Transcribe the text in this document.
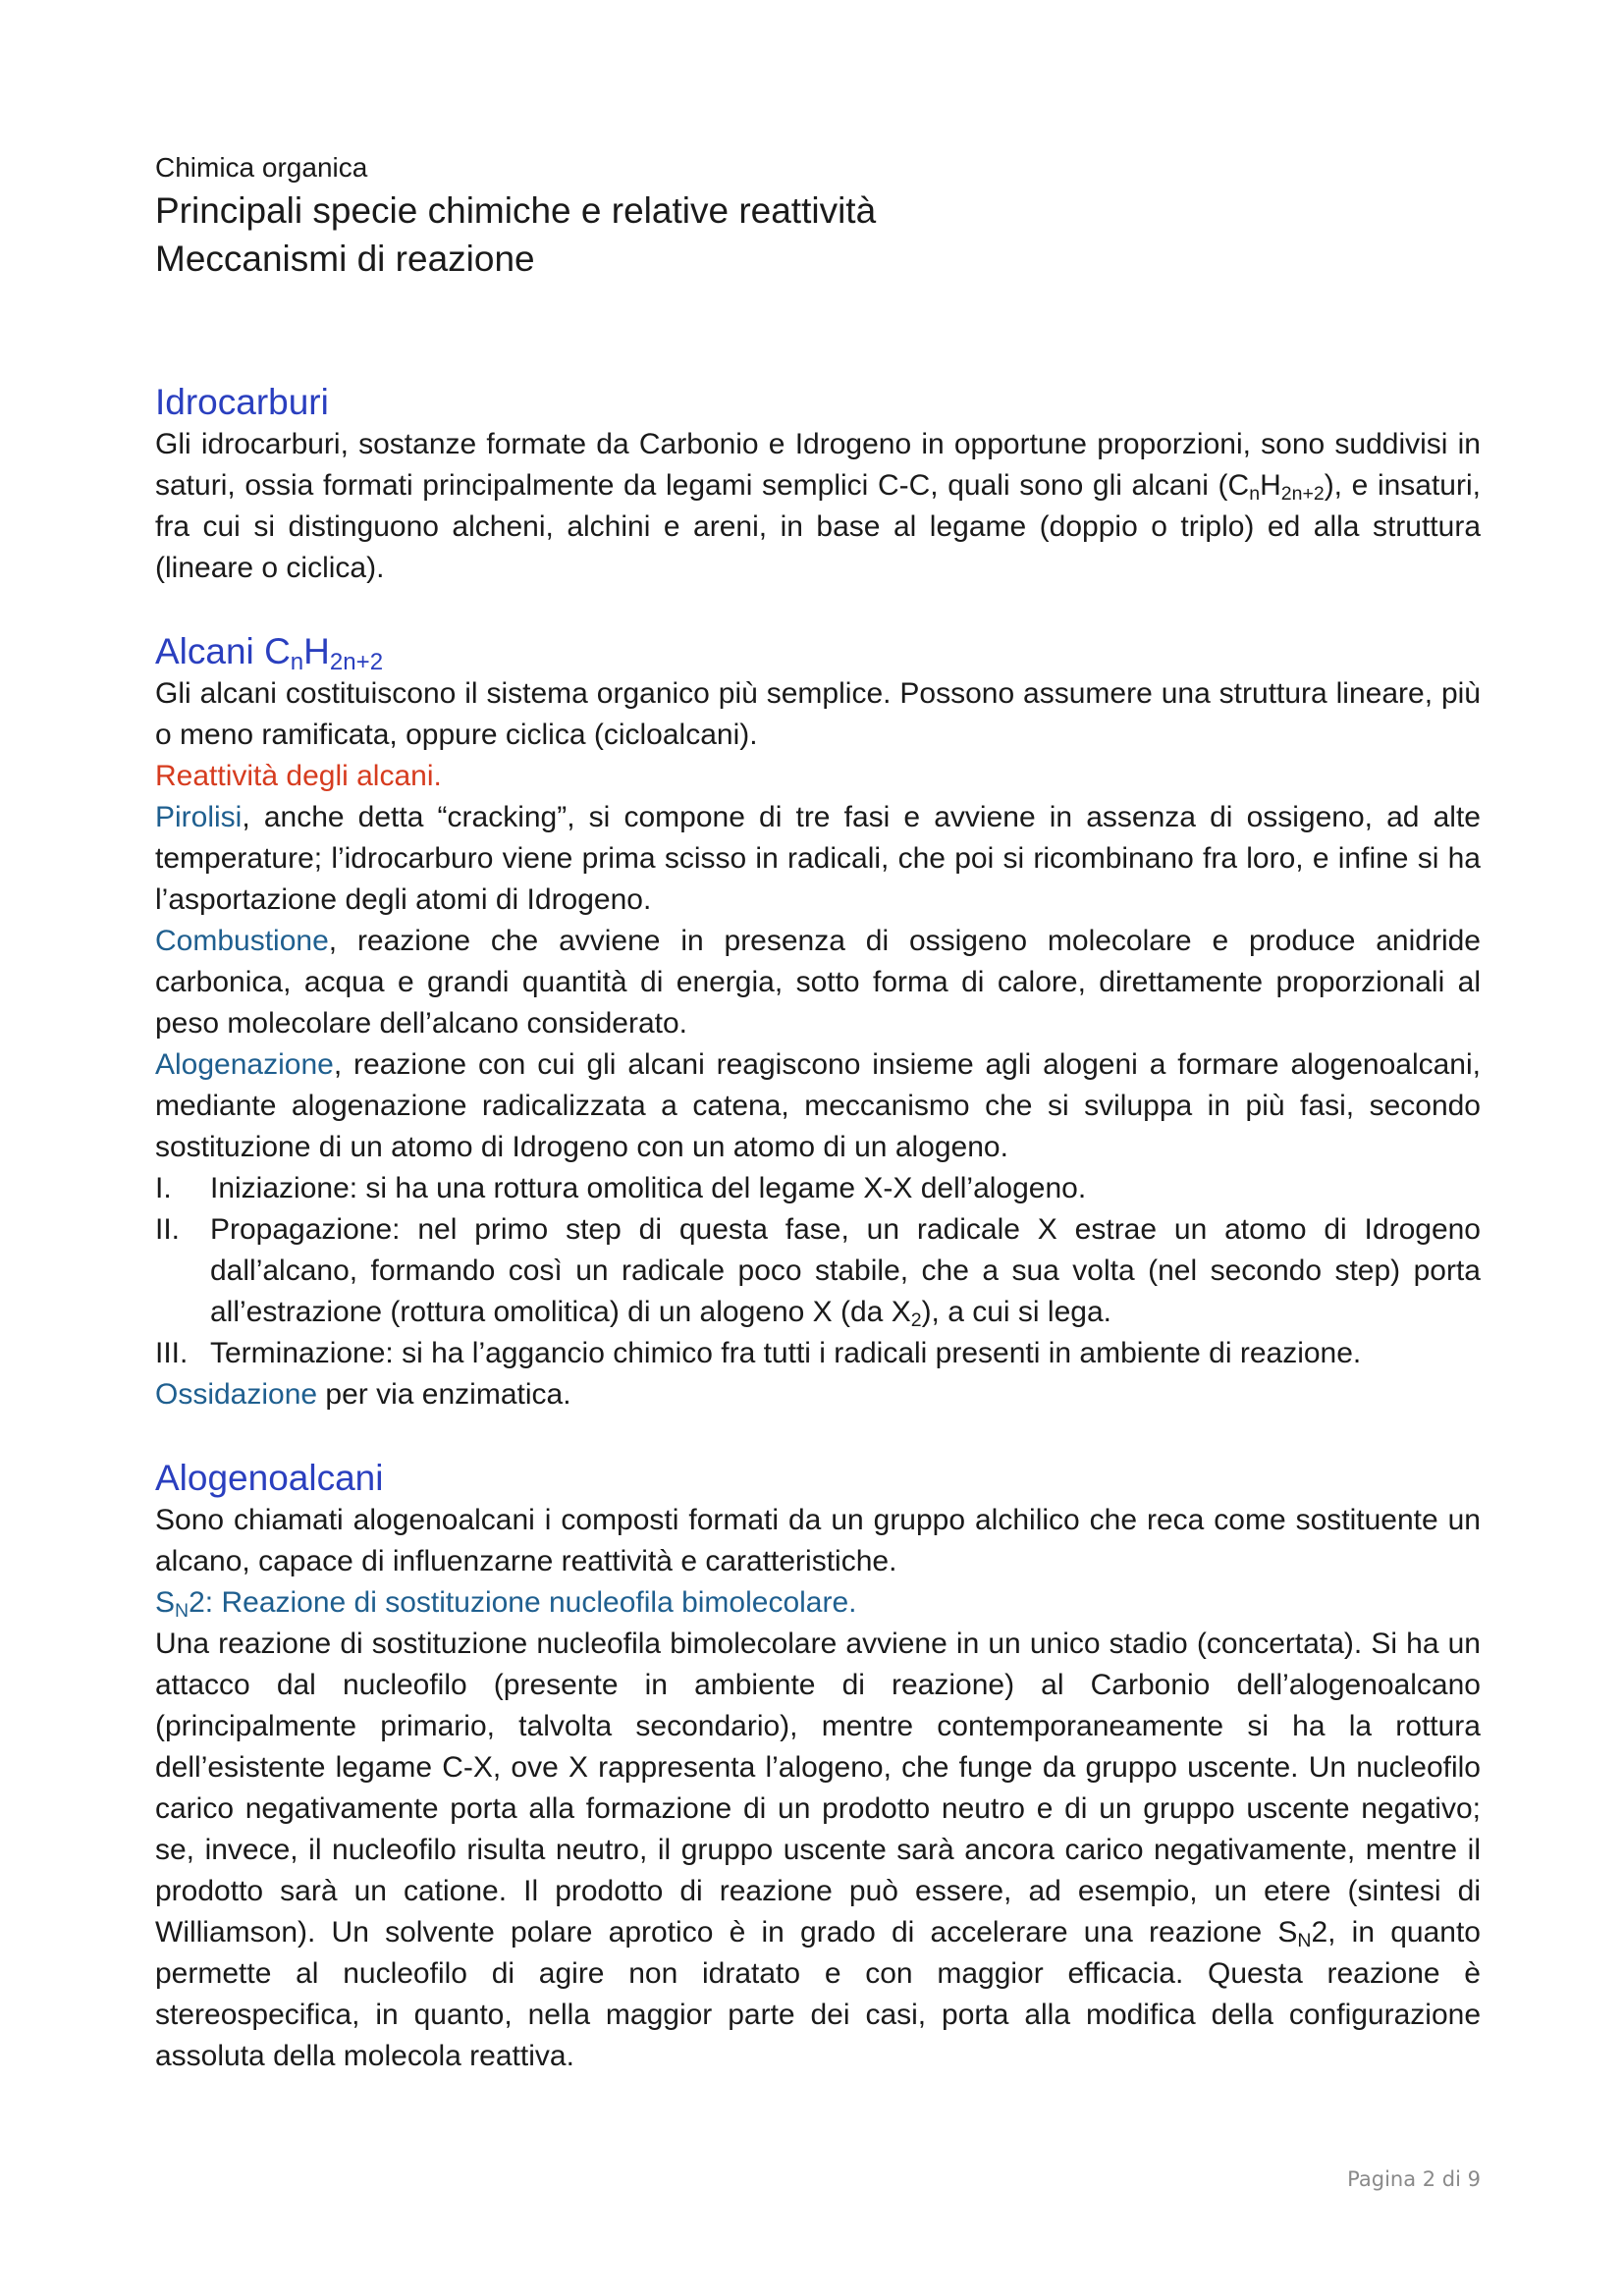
Chimica organica

Principali specie chimiche e relative reattività
Meccanismi di reazione
Idrocarburi

Gli idrocarburi, sostanze formate da Carbonio e Idrogeno in opportune proporzioni, sono suddivisi in saturi, ossia formati principalmente da legami semplici C-C, quali sono gli alcani $(C_nH_{2n+2})$, e insaturi, fra cui si distinguono alcheni, alchini e areni, in base al legame (doppio o triplo) ed alla struttura (lineare o ciclica).

Alcani $C_nH_{2n+2}$

Gli alcani costituiscono il sistema organico più semplice. Possono assumere una struttura lineare, più o meno ramificata, oppure ciclica (cicloalcani).

Reattività degli alcani.

Pirolisi, anche detta “cracking”, si compone di tre fasi e avviene in assenza di ossigeno, ad alte temperature; l’idrocarburo viene prima scisso in radicali, che poi si ricombinano fra loro, e infine si ha l’asportazione degli atomi di Idrogeno.

Combustione, reazione che avviene in presenza di ossigeno molecolare e produce anidride carbonica, acqua e grandi quantità di energia, sotto forma di calore, direttamente proporzionali al peso molecolare dell’alcano considerato.

Alogenazione, reazione con cui gli alcani reagiscono insieme agli alogeni a formare alogenoalcani, mediante alogenazione radicalizzata a catena, meccanismo che si sviluppa in più fasi, secondo sostituzione di un atomo di Idrogeno con un atomo di un alogeno.

I. Iniziazione: si ha una rottura omolitica del legame X-X dell’alogeno.
II. Propagazione: nel primo step di questa fase, un radicale X estrae un atomo di Idrogeno dall’alcano, formando così un radicale poco stabile, che a sua volta (nel secondo step) porta all’estrazione (rottura omolitica) di un alogeno X (da $X_2$), a cui si lega.
III. Terminazione: si ha l’aggancio chimico fra tutti i radicali presenti in ambiente di reazione.

Ossidazione per via enzimatica.

Alogenoalcani

Sono chiamati alogenoalcani i composti formati da un gruppo alchilico che reca come sostituente un alcano, capace di influenzarne reattività e caratteristiche.

$S_N2$: Reazione di sostituzione nucleofila bimolecolare.

Una reazione di sostituzione nucleofila bimolecolare avviene in un unico stadio (concertata). Si ha un attacco dal nucleofilo (presente in ambiente di reazione) al Carbonio dell’alogenoalcano (principalmente primario, talvolta secondario), mentre contemporaneamente si ha la rottura dell’esistente legame C-X, ove X rappresenta l’alogeno, che funge da gruppo uscente. Un nucleofilo carico negativamente porta alla formazione di un prodotto neutro e di un gruppo uscente negativo; se, invece, il nucleofilo risulta neutro, il gruppo uscente sarà ancora carico negativamente, mentre il prodotto sarà un catione. Il prodotto di reazione può essere, ad esempio, un etere (sintesi di Williamson). Un solvente polare aprotico è in grado di accelerare una reazione $S_N2$, in quanto permette al nucleofilo di agire non idratato e con maggior efficacia. Questa reazione è stereospecifica, in quanto, nella maggior parte dei casi, porta alla modifica della configurazione assoluta della molecola reattiva.

Pagina 2 di 9
